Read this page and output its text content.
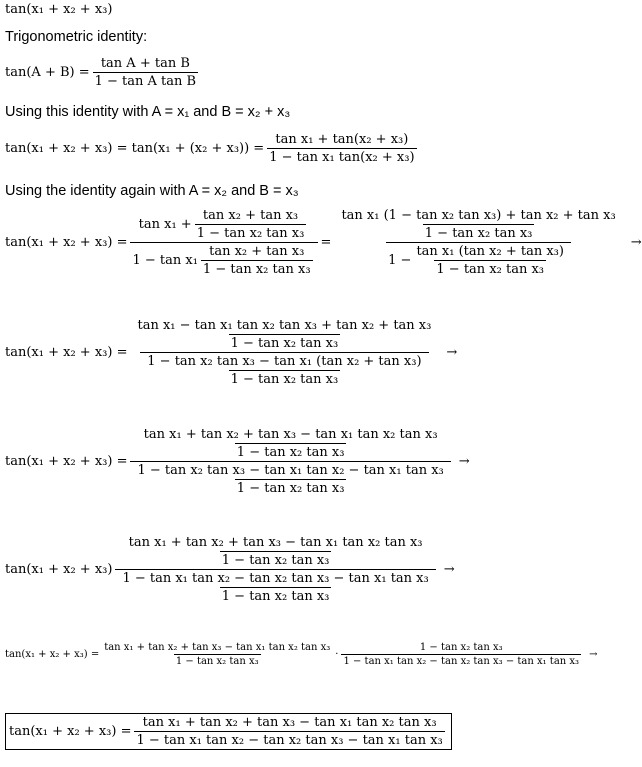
tan(x₁ + x₂ + x₃)
Trigonometric identity:
$\tan(A + B) = \frac{\text{tan A + tan B}}{\text{1 − tan A tan B}}$
Using this identity with A = x₁ and B = x₂ + x₃
$\tan(x_1 + x_2 + x_3) = \tan(x_1 + (x_2 + x_3)) = \frac{\text{tan x₁ + tan(x₂ + x₃)}}{\text{1 − tan x₁ tan(x₂ + x₃)}}$
Using the identity again with A = x₂ and B = x₃
tan(x₁ + x₂ + x₃) =
$\tan x_1 + \frac{\text{tan x₂ + tan x₃}}{\text{1 − tan x₂ tan x₃}}$
$1 - \tan x_1 \frac{\text{tan x₂ + tan x₃}}{\text{1 − tan x₂ tan x₃}}$
=
$\frac{\text{tan x₁ (1 − tan x₂ tan x₃) + tan x₂ + tan x₃}}{\text{1 − tan x₂ tan x₃}}$
$1 - \frac{\text{tan x₁ (tan x₂ + tan x₃)}}{\text{1 − tan x₂ tan x₃}}$
→
tan(x₁ + x₂ + x₃) =
$\frac{\text{tan x₁ − tan x₁ tan x₂ tan x₃ + tan x₂ + tan x₃}}{\text{1 − tan x₂ tan x₃}}$
$\frac{\text{1 − tan x₂ tan x₃ − tan x₁ (tan x₂ + tan x₃)}}{\text{1 − tan x₂ tan x₃}}$
→
tan(x₁ + x₂ + x₃) =
$\frac{\text{tan x₁ + tan x₂ + tan x₃ − tan x₁ tan x₂ tan x₃}}{\text{1 − tan x₂ tan x₃}}$
$\frac{\text{1 − tan x₂ tan x₃ − tan x₁ tan x₂ − tan x₁ tan x₃}}{\text{1 − tan x₂ tan x₃}}$
→
tan(x₁ + x₂ + x₃)
$\frac{\text{tan x₁ + tan x₂ + tan x₃ − tan x₁ tan x₂ tan x₃}}{\text{1 − tan x₂ tan x₃}}$
$\frac{\text{1 − tan x₁ tan x₂ − tan x₂ tan x₃ − tan x₁ tan x₃}}{\text{1 − tan x₂ tan x₃}}$
→
$\tan(x_1 + x_2 + x_3) = \frac{\text{tan x₁ + tan x₂ + tan x₃ − tan x₁ tan x₂ tan x₃}}{\text{1 − tan x₂ tan x₃}} \cdot \frac{\text{1 − tan x₂ tan x₃}}{\text{1 − tan x₁ tan x₂ − tan x₂ tan x₃ − tan x₁ tan x₃}}$ →
$\tan(x_1 + x_2 + x_3) = \frac{\text{tan x₁ + tan x₂ + tan x₃ − tan x₁ tan x₂ tan x₃}}{\text{1 − tan x₁ tan x₂ − tan x₂ tan x₃ − tan x₁ tan x₃}}$
